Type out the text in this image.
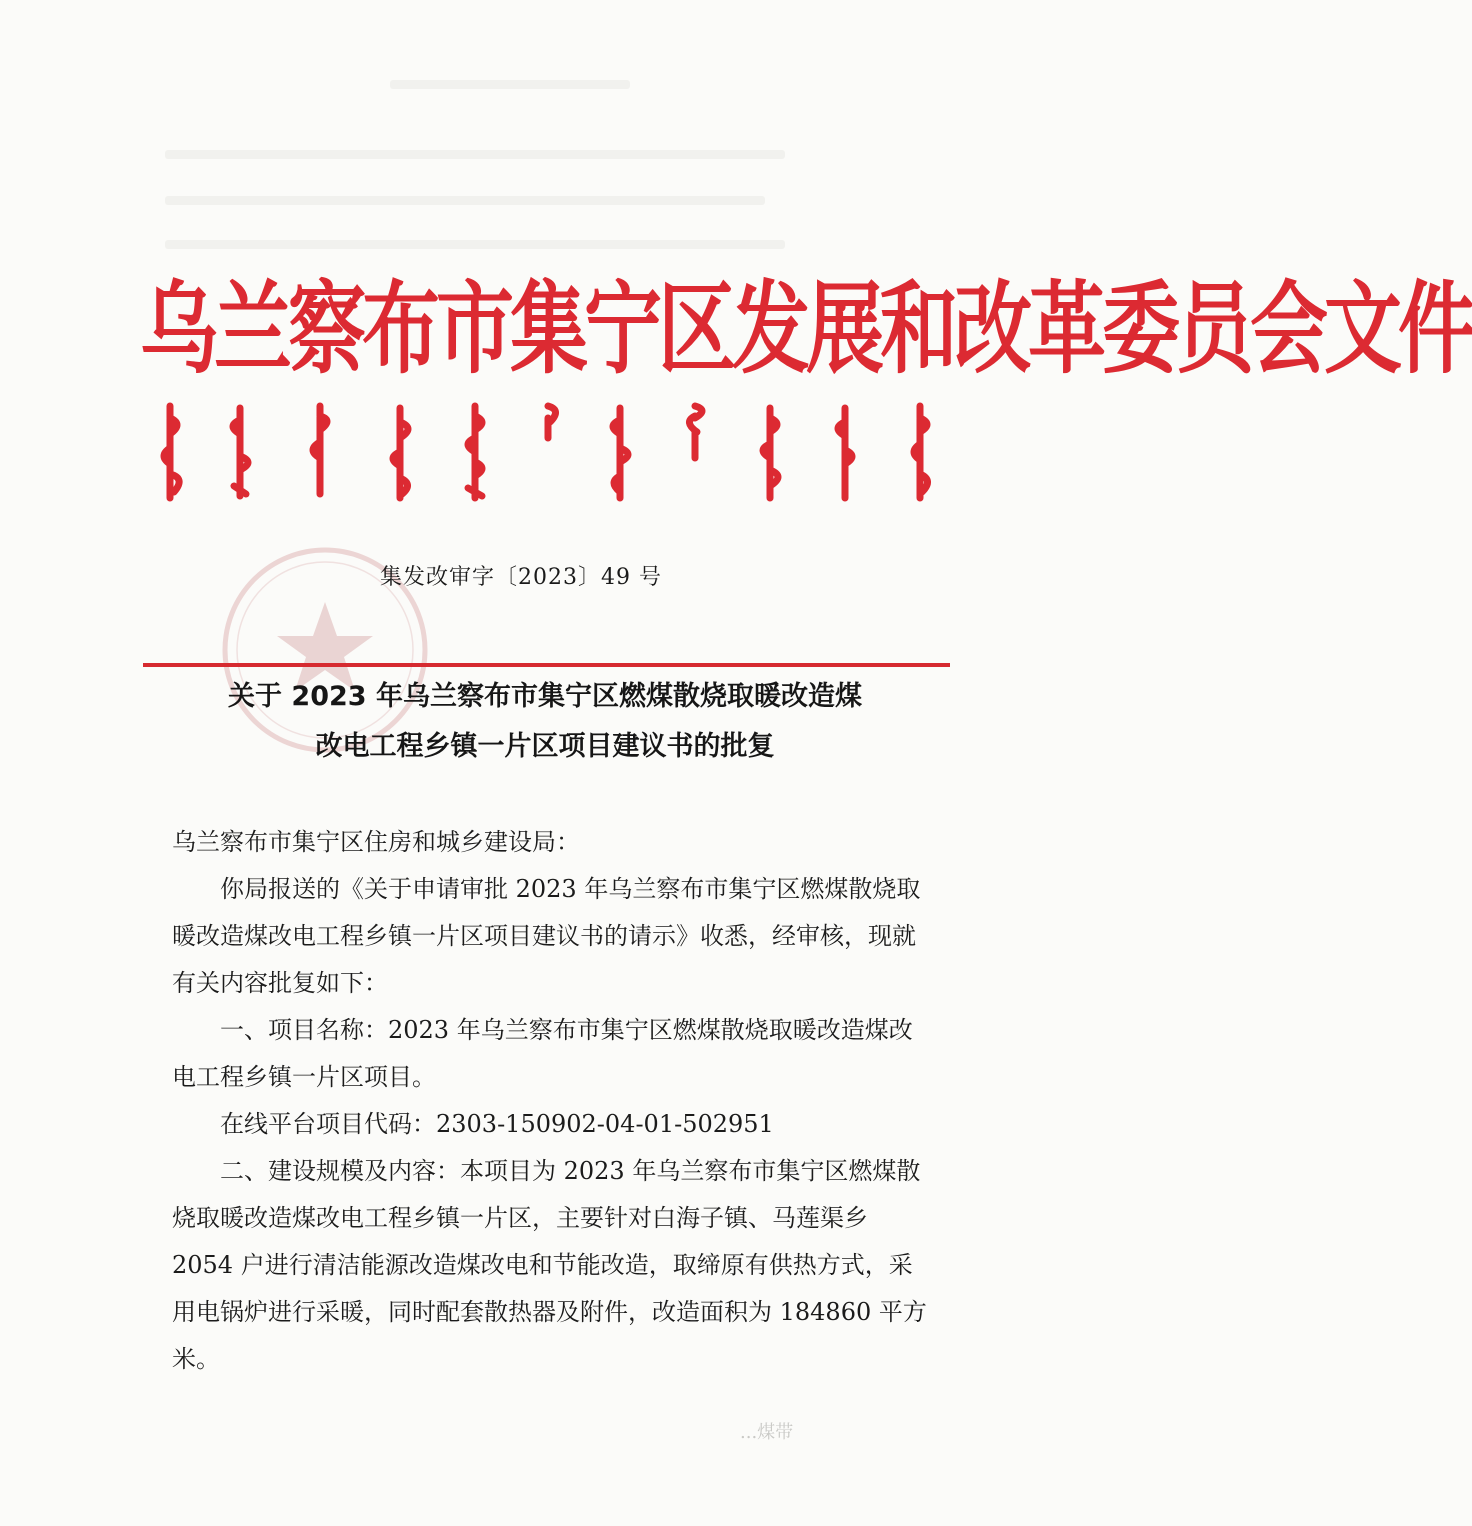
乌兰察布市集宁区发展和改革委员会文件
集发改审字〔2023〕49 号
关于 2023 年乌兰察布市集宁区燃煤散烧取暖改造煤
改电工程乡镇一片区项目建议书的批复

乌兰察布市集宁区住房和城乡建设局：

你局报送的《关于申请审批 2023 年乌兰察布市集宁区燃煤散烧取暖改造煤改电工程乡镇一片区项目建议书的请示》收悉，经审核，现就有关内容批复如下：

一、项目名称：2023 年乌兰察布市集宁区燃煤散烧取暖改造煤改电工程乡镇一片区项目。

在线平台项目代码：2303-150902-04-01-502951

二、建设规模及内容：本项目为 2023 年乌兰察布市集宁区燃煤散烧取暖改造煤改电工程乡镇一片区，主要针对白海子镇、马莲渠乡 2054 户进行清洁能源改造煤改电和节能改造，取缔原有供热方式，采用电锅炉进行采暖，同时配套散热器及附件，改造面积为 184860 平方米。

...煤带
